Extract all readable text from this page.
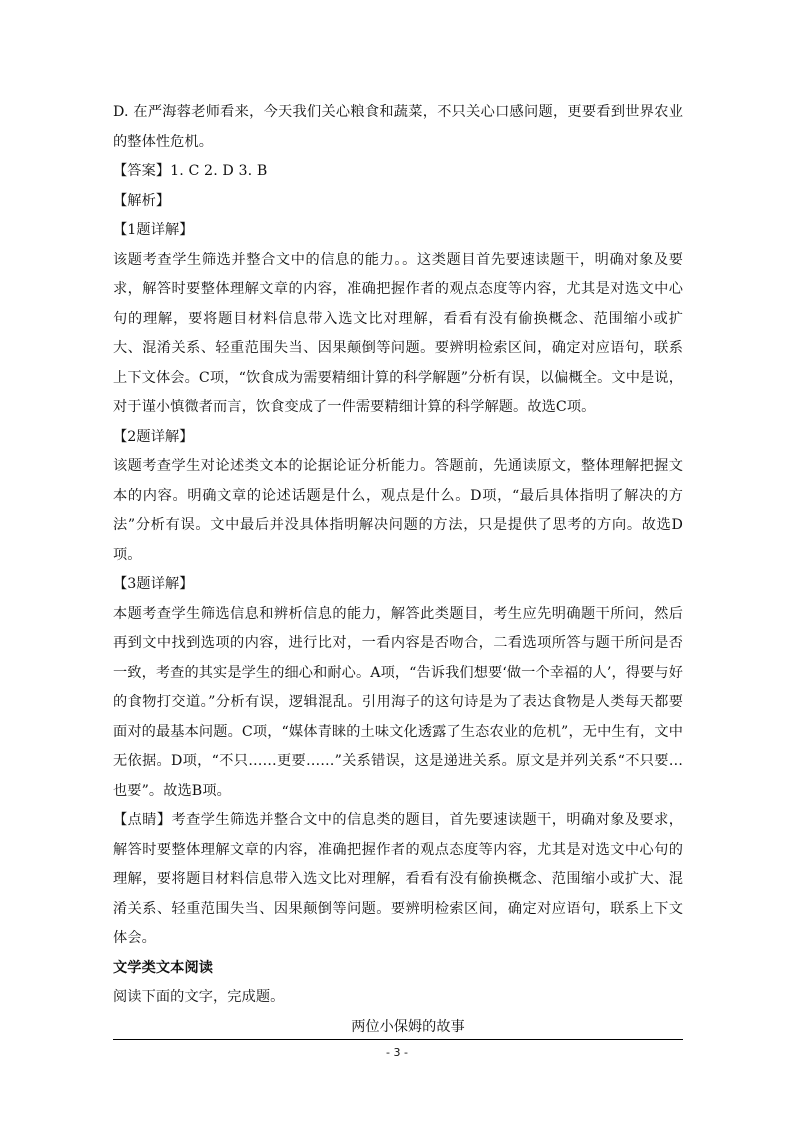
D. 在严海蓉老师看来，今天我们关心粮食和蔬菜，不只关心口感问题，更要看到世界农业的整体性危机。

【答案】1. C 2. D 3. B

【解析】

【1题详解】

该题考查学生筛选并整合文中的信息的能力。。这类题目首先要速读题干，明确对象及要求，解答时要整体理解文章的内容，准确把握作者的观点态度等内容，尤其是对选文中心句的理解，要将题目材料信息带入选文比对理解，看看有没有偷换概念、范围缩小或扩大、混淆关系、轻重范围失当、因果颠倒等问题。要辨明检索区间，确定对应语句，联系上下文体会。C项，“饮食成为需要精细计算的科学解题”分析有误，以偏概全。文中是说，对于谨小慎微者而言，饮食变成了一件需要精细计算的科学解题。故选C项。

【2题详解】

该题考查学生对论述类文本的论据论证分析能力。答题前，先通读原文，整体理解把握文本的内容。明确文章的论述话题是什么，观点是什么。D项，“最后具体指明了解决的方法”分析有误。文中最后并没具体指明解决问题的方法，只是提供了思考的方向。故选D项。

【3题详解】

本题考查学生筛选信息和辨析信息的能力，解答此类题目，考生应先明确题干所问，然后再到文中找到选项的内容，进行比对，一看内容是否吻合，二看选项所答与题干所问是否一致，考查的其实是学生的细心和耐心。A项，“告诉我们想要‘做一个幸福的人’，得要与好的食物打交道。”分析有误，逻辑混乱。引用海子的这句诗是为了表达食物是人类每天都要面对的最基本问题。C项，“媒体青睐的土味文化透露了生态农业的危机”，无中生有，文中无依据。D项，“不只……更要……”关系错误，这是递进关系。原文是并列关系“不只要…也要”。故选B项。

【点睛】考查学生筛选并整合文中的信息类的题目，首先要速读题干，明确对象及要求，解答时要整体理解文章的内容，准确把握作者的观点态度等内容，尤其是对选文中心句的理解，要将题目材料信息带入选文比对理解，看看有没有偷换概念、范围缩小或扩大、混淆关系、轻重范围失当、因果颠倒等问题。要辨明检索区间，确定对应语句，联系上下文体会。

文学类文本阅读

阅读下面的文字，完成题。

两位小保姆的故事

- 3 -
